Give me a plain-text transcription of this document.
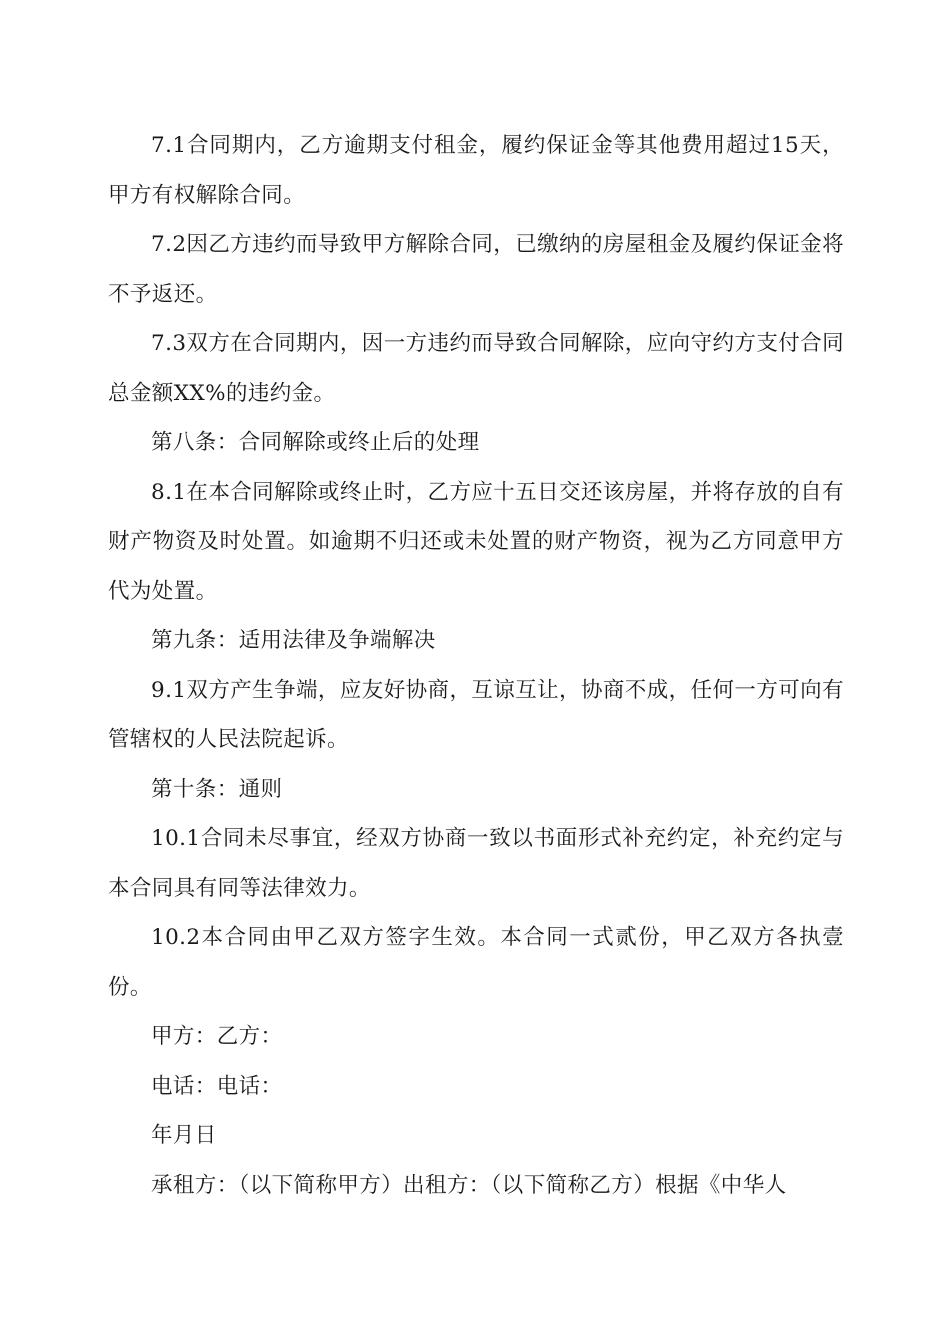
7.1合同期内，乙方逾期支付租金，履约保证金等其他费用超过15天，甲方有权解除合同。

7.2因乙方违约而导致甲方解除合同，已缴纳的房屋租金及履约保证金将不予返还。

7.3双方在合同期内，因一方违约而导致合同解除，应向守约方支付合同总金额XX%的违约金。

第八条：合同解除或终止后的处理

8.1在本合同解除或终止时，乙方应十五日交还该房屋，并将存放的自有财产物资及时处置。如逾期不归还或未处置的财产物资，视为乙方同意甲方代为处置。

第九条：适用法律及争端解决

9.1双方产生争端，应友好协商，互谅互让，协商不成，任何一方可向有管辖权的人民法院起诉。

第十条：通则

10.1合同未尽事宜，经双方协商一致以书面形式补充约定，补充约定与本合同具有同等法律效力。

10.2本合同由甲乙双方签字生效。本合同一式贰份，甲乙双方各执壹份。

甲方：乙方：

电话：电话：

年月日

承租方：（以下简称甲方）出租方：（以下简称乙方）根据《中华人
